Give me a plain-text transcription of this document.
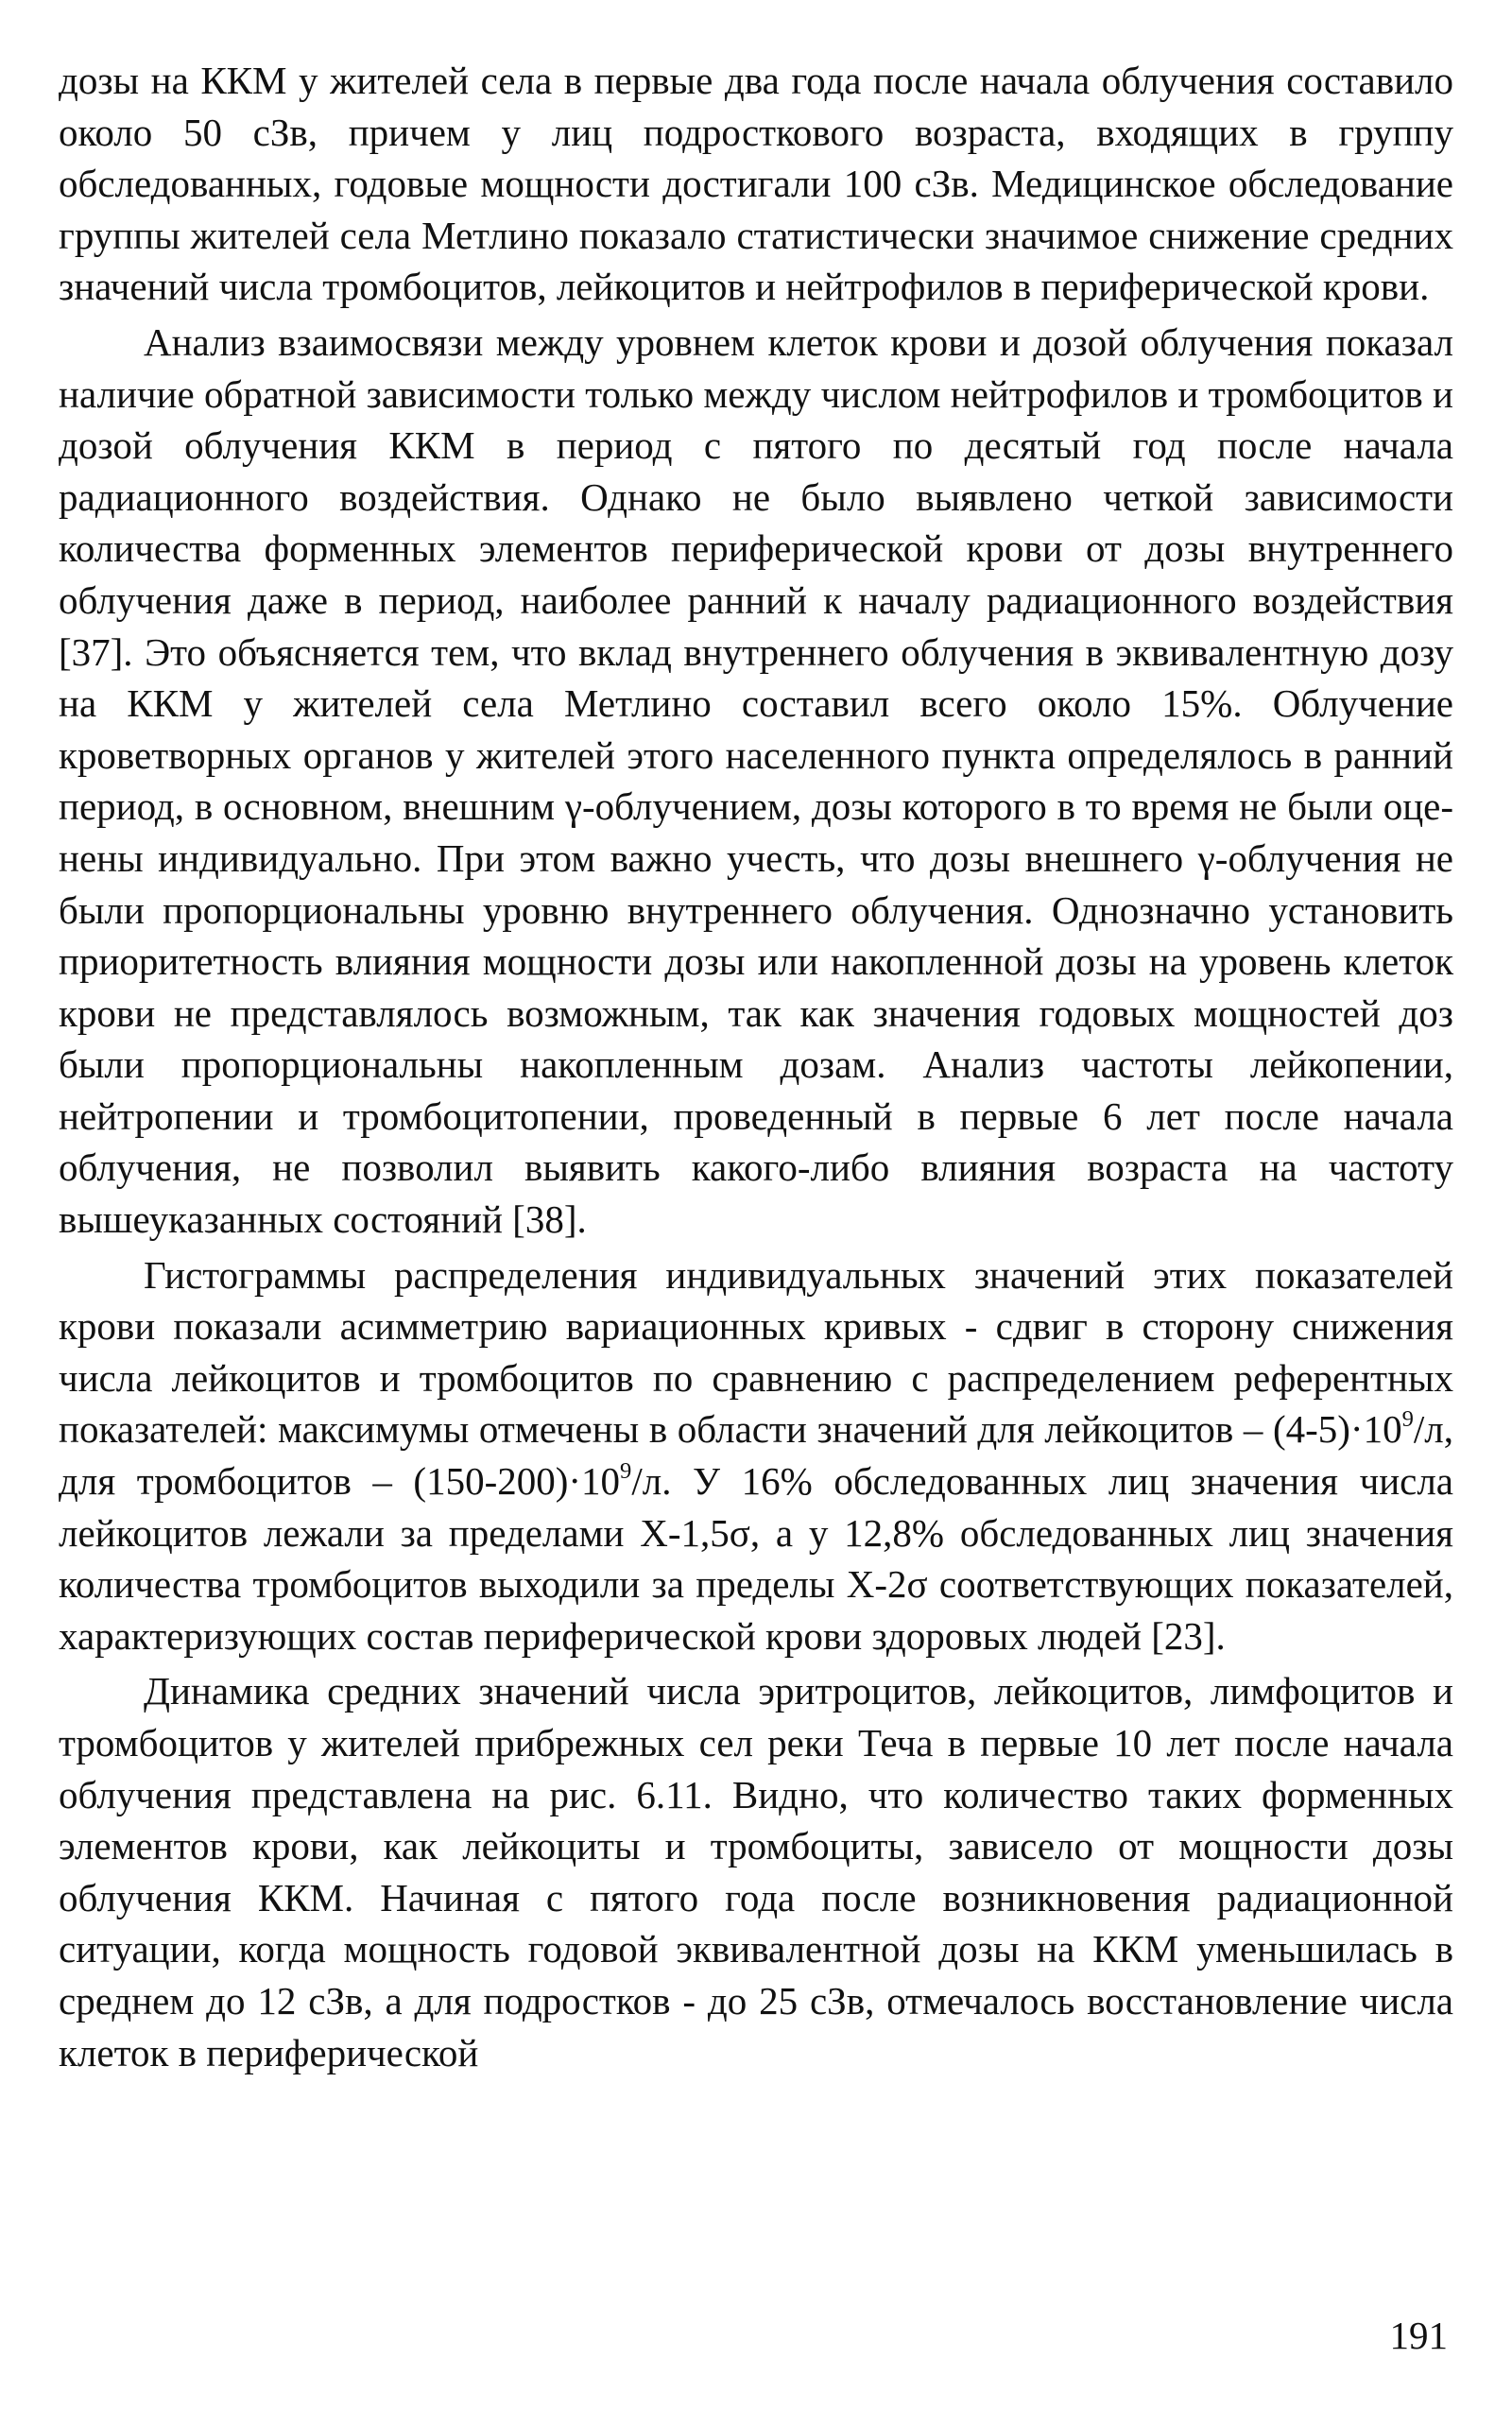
дозы на ККМ у жителей села в первые два года после начала облучения составило около 50 сЗв, причем у лиц подросткового возраста, входящих в группу обследованных, годовые мощности достигали 100 сЗв. Медицинское обследование группы жителей села Метлино показало статистически значимое снижение средних значений числа тромбоцитов, лейкоцитов и нейтрофилов в периферической крови.

Анализ взаимосвязи между уровнем клеток крови и дозой облучения показал наличие обратной зависимости только между числом нейтрофилов и тромбоцитов и дозой облучения ККМ в период с пятого по десятый год после начала радиационного воздействия. Однако не было выявлено четкой зависимости количества форменных элементов периферической крови от дозы внутреннего облучения даже в период, наиболее ранний к началу радиационного воздействия [37]. Это объясняется тем, что вклад внутреннего облучения в эквивалентную дозу на ККМ у жителей села Метлино составил всего около 15%. Облучение кроветворных органов у жителей этого населенного пункта определялось в ранний период, в основном, внешним γ-облучением, дозы которого в то время не были оценены индивидуально. При этом важно учесть, что дозы внешнего γ-облучения не были пропорциональны уровню внутреннего облучения. Однозначно установить приоритетность влияния мощности дозы или накопленной дозы на уровень клеток крови не представлялось возможным, так как значения годовых мощностей доз были пропорциональны накопленным дозам. Анализ частоты лейкопении, нейтропении и тромбоцитопении, проведенный в первые 6 лет после начала облучения, не позволил выявить какого-либо влияния возраста на частоту вышеуказанных состояний [38].

Гистограммы распределения индивидуальных значений этих показателей крови показали асимметрию вариационных кривых - сдвиг в сторону снижения числа лейкоцитов и тромбоцитов по сравнению с распределением референтных показателей: максимумы отмечены в области значений для лейкоцитов – $(4-5)\cdot 10^9/л$, для тромбоцитов – $(150-200)\cdot 10^9/л$. У 16% обследованных лиц значения числа лейкоцитов лежали за пределами X-1,5σ, а у 12,8% обследованных лиц значения количества тромбоцитов выходили за пределы X-2σ соответствующих показателей, характеризующих состав периферической крови здоровых людей [23].

Динамика средних значений числа эритроцитов, лейкоцитов, лимфоцитов и тромбоцитов у жителей прибрежных сел реки Теча в первые 10 лет после начала облучения представлена на рис. 6.11. Видно, что количество таких форменных элементов крови, как лейкоциты и тромбоциты, зависело от мощности дозы облучения ККМ. Начиная с пятого года после возникновения радиационной ситуации, когда мощность годовой эквивалентной дозы на ККМ уменьшилась в среднем до 12 сЗв, а для подростков - до 25 сЗв, отмечалось восстановление числа клеток в периферической

191
